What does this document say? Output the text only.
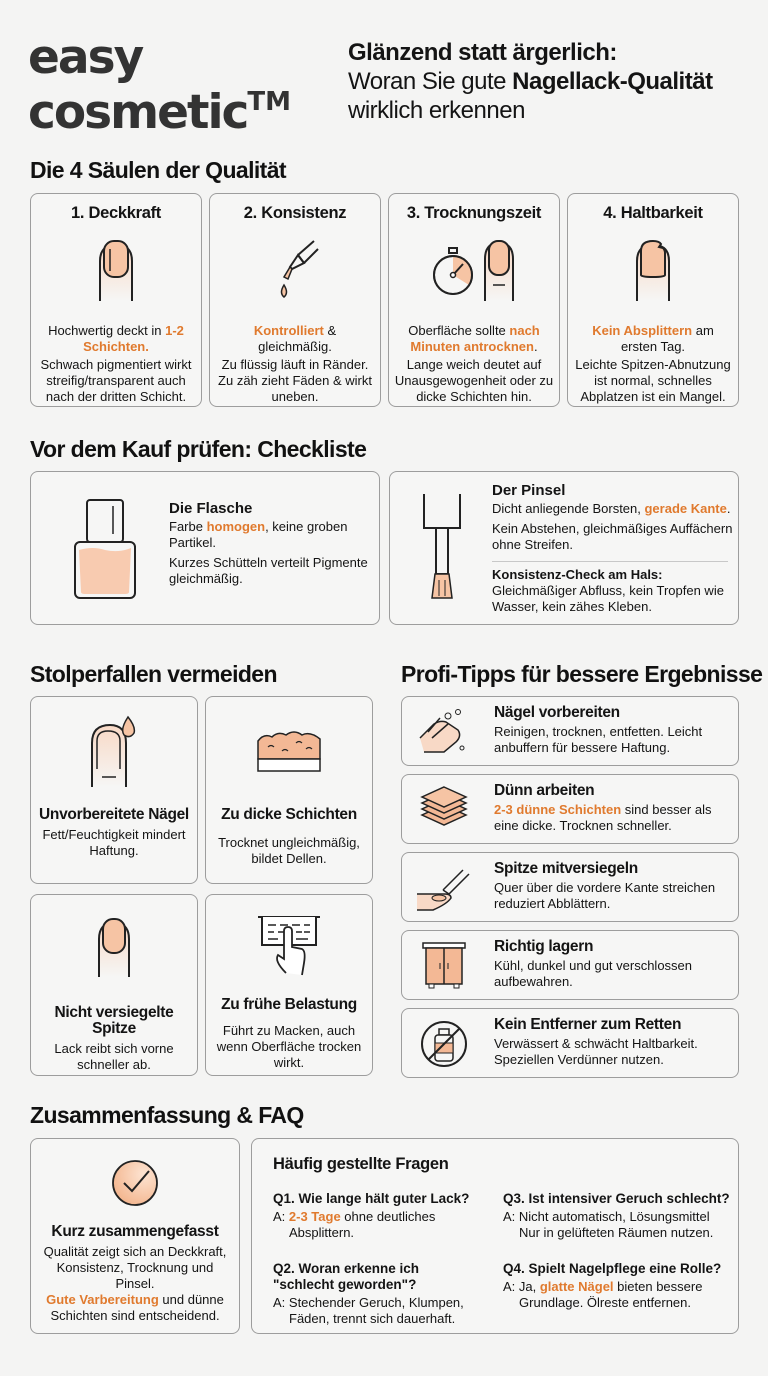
easy
cosmetic™
Glänzend statt ärgerlich:
Woran Sie gute Nagellack-Qualität
wirklich erkennen
Die 4 Säulen der Qualität
1. Deckkraft
Hochwertig deckt in 1-2 Schichten.
Schwach pigmentiert wirkt streifig/transparent auch nach der dritten Schicht.
2. Konsistenz
Kontrolliert & gleichmäßig.
Zu flüssig läuft in Ränder. Zu zäh zieht Fäden & wirkt uneben.
3. Trocknungszeit
Oberfläche sollte nach Minuten antrocknen.
Lange weich deutet auf Unausgewogenheit oder zu dicke Schichten hin.
4. Haltbarkeit
Kein Absplittern am ersten Tag.
Leichte Spitzen-Abnutzung ist normal, schnelles Abplatzen ist ein Mangel.
Vor dem Kauf prüfen: Checkliste
Die Flasche

Farbe homogen, keine groben Partikel.

Kurzes Schütteln verteilt Pigmente gleichmäßig.

Der Pinsel

Dicht anliegende Borsten, gerade Kante.

Kein Abstehen, gleichmäßiges Auffächern ohne Streifen.

Konsistenz-Check am Hals:

Gleichmäßiger Abfluss, kein Tropfen wie Wasser, kein zähes Kleben.

Stolperfallen vermeiden
Unvorbereitete Nägel

Fett/Feuchtigkeit mindert Haftung.

Zu dicke Schichten

Trocknet ungleichmäßig, bildet Dellen.

Nicht versiegelte Spitze

Lack reibt sich vorne schneller ab.

Zu frühe Belastung

Führt zu Macken, auch wenn Oberfläche trocken wirkt.

Profi-Tipps für bessere Ergebnisse
Nägel vorbereiten

Reinigen, trocknen, entfetten. Leicht anbuffern für bessere Haftung.

Dünn arbeiten

2-3 dünne Schichten sind besser als eine dicke. Trocknen schneller.

Spitze mitversiegeln

Quer über die vordere Kante streichen reduziert Abblättern.

Richtig lagern

Kühl, dunkel und gut verschlossen aufbewahren.

Kein Entferner zum Retten

Verwässert & schwächt Haltbarkeit. Speziellen Verdünner nutzen.

Zusammenfassung & FAQ
Kurz zusammengefasst
Qualität zeigt sich an Deckkraft, Konsistenz, Trocknung und Pinsel.
Gute Varbereitung und dünne Schichten sind entscheidend.
Häufig gestellte Fragen
Q1. Wie lange hält guter Lack?
A: 2-3 Tage ohne deutliches Absplittern.
Q2. Woran erkenne ich "schlecht geworden"?
A: Stechender Geruch, Klumpen, Fäden, trennt sich dauerhaft.
Q3. Ist intensiver Geruch schlecht?
A: Nicht automatisch, Lösungsmittel Nur in gelüfteten Räumen nutzen.
Q4. Spielt Nagelpflege eine Rolle?
A: Ja, glatte Nägel bieten bessere Grundlage. Ölreste entfernen.
